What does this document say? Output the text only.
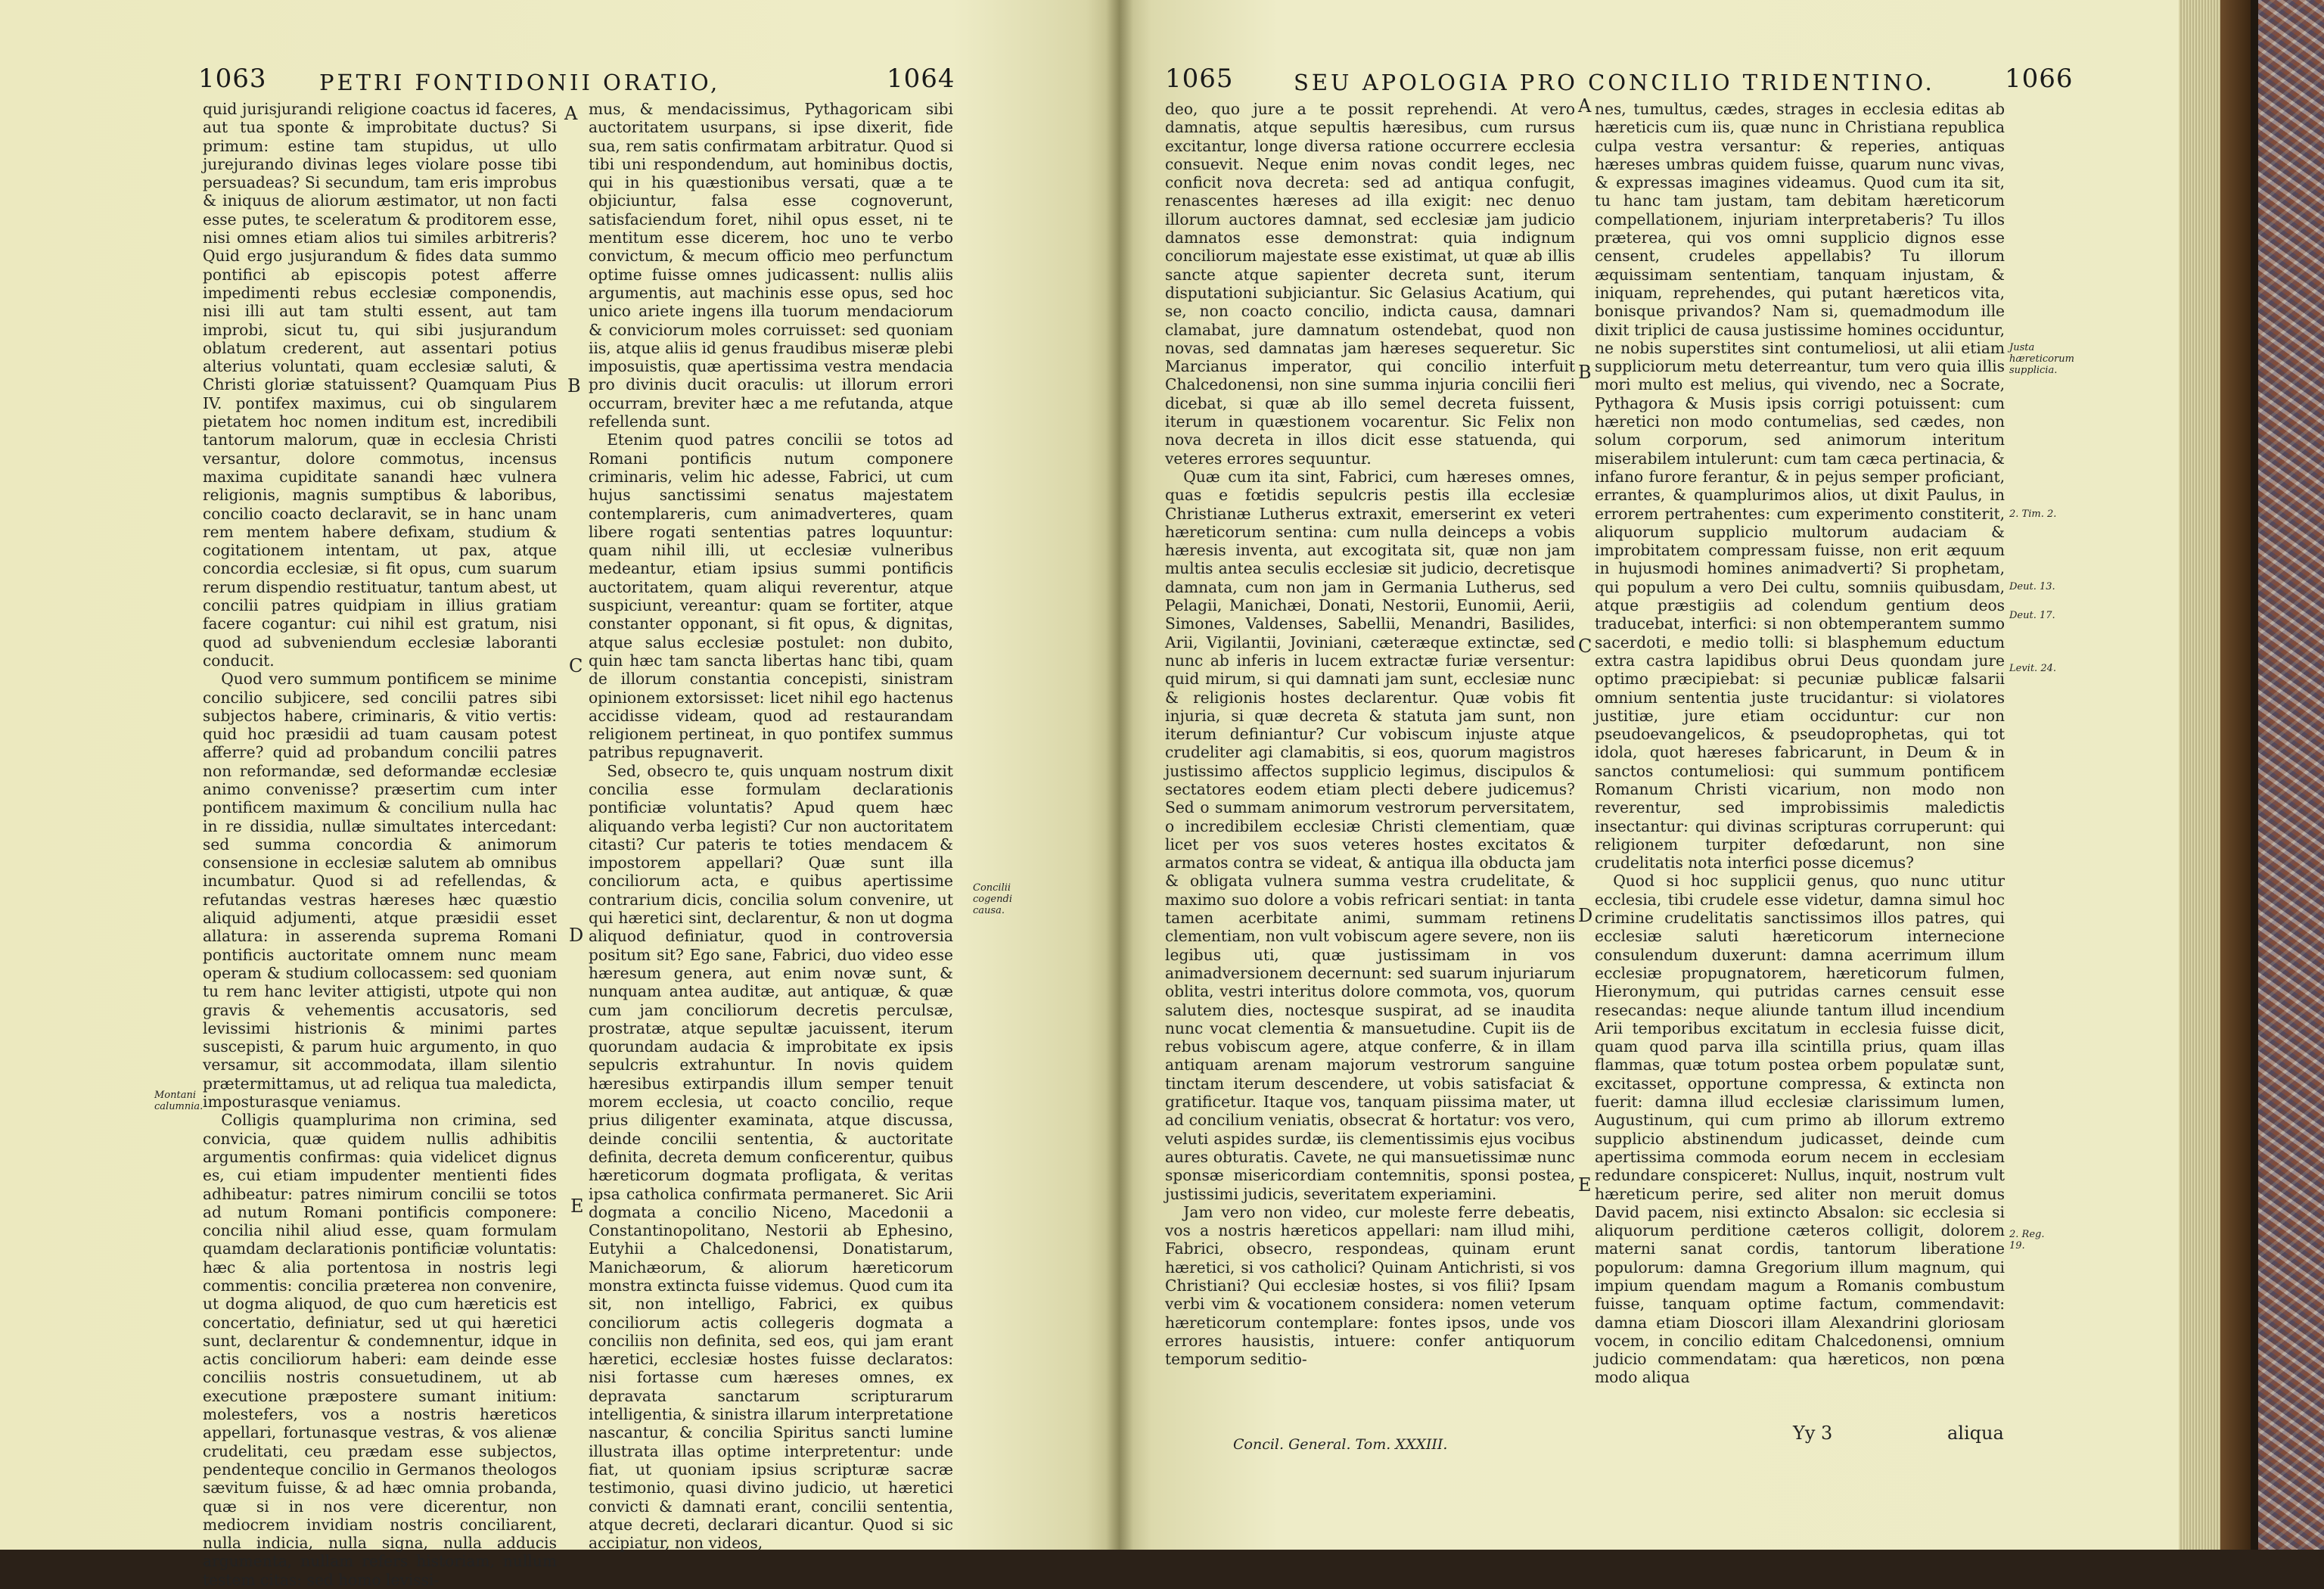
1063 PETRI FONTIDONII ORATIO,	1064

quid jurisjurandi religione coactus id faceres, aut tua sponte & improbitate ductus? Si primum: estine tam stupidus, ut ullo jurejurando divinas leges violare posse tibi persuadeas? Si secundum, tam eris improbus & iniquus de aliorum æstimator, ut non facti esse putes, te sceleratum & proditorem esse, nisi omnes etiam alios tui similes arbitreris? Quid ergo jusjurandum & fides data summo pontifici ab episcopis potest afferre impedimenti rebus ecclesiæ componendis, nisi illi aut tam stulti essent, aut tam improbi, sicut tu, qui sibi jusjurandum oblatum crederent, aut assentari potius alterius voluntati, quam ecclesiæ saluti, & Christi gloriæ statuissent? Quamquam Pius IV. pontifex maximus, cui ob singularem pietatem hoc nomen inditum est, incredibili tantorum malorum, quæ in ecclesia Christi versantur, dolore commotus, incensus maxima cupiditate sanandi hæc vulnera religionis, magnis sumptibus & laboribus, concilio coacto declaravit, se in hanc unam rem mentem habere defixam, studium & cogitationem intentam, ut pax, atque concordia ecclesiæ, si fit opus, cum suarum rerum dispendio restituatur, tantum abest, ut concilii patres quidpiam in illius gratiam facere cogantur: cui nihil est gratum, nisi quod ad subveniendum ecclesiæ laboranti conducit.

Quod vero summum pontificem se minime concilio subjicere, sed concilii patres sibi subjectos habere, criminaris, & vitio vertis: quid hoc præsidii ad tuam causam potest afferre? quid ad probandum concilii patres non reformandæ, sed deformandæ ecclesiæ animo convenisse? præsertim cum inter pontificem maximum & concilium nulla hac in re dissidia, nullæ simultates intercedant: sed summa concordia & animorum consensione in ecclesiæ salutem ab omnibus incumbatur. Quod si ad refellendas, & refutandas vestras hæreses hæc quæstio aliquid adjumenti, atque præsidii esset allatura: in asserenda suprema Romani pontificis auctoritate omnem nunc meam operam & studium collocassem: sed quoniam tu rem hanc leviter attigisti, utpote qui non gravis & vehementis accusatoris, sed levissimi histrionis & minimi partes suscepisti, & parum huic argumento, in quo versamur, sit accommodata, illam silentio prætermittamus, ut ad reliqua tua maledicta, imposturasque veniamus.

Colligis quamplurima non crimina, sed convicia, quæ quidem nullis adhibitis argumentis confirmas: quia videlicet dignus es, cui etiam impudenter mentienti fides adhibeatur: patres nimirum concilii se totos ad nutum Romani pontificis componere: concilia nihil aliud esse, quam formulam quamdam declarationis pontificiæ voluntatis: hæc & alia portentosa in nostris legi commentis: concilia præterea non convenire, ut dogma aliquod, de quo cum hæreticis est concertatio, definiatur, sed ut qui hæretici sunt, declarentur & condemnentur, idque in actis conciliorum haberi: eam deinde esse conciliis nostris consuetudinem, ut ab executione præpostere sumant initium: molestefers, vos a nostris hæreticos appellari, fortunasque vestras, & vos alienæ crudelitati, ceu prædam esse subjectos, pendenteque concilio in Germanos theologos sævitum fuisse, & ad hæc omnia probanda, quæ si in nos vere dicerentur, non mediocrem invidiam nostris conciliarent, nulla indicia, nulla signa, nulla adducis argumenta, nullam refers historiam, nullum testem citas: sed homo levissi-

mus, & mendacissimus, Pythagoricam sibi auctoritatem usurpans, si ipse dixerit, fide sua, rem satis confirmatam arbitratur. Quod si tibi uni respondendum, aut hominibus doctis, qui in his quæstionibus versati, quæ a te objiciuntur, falsa esse cognoverunt, satisfaciendum foret, nihil opus esset, ni te mentitum esse dicerem, hoc uno te verbo convictum, & mecum officio meo perfunctum optime fuisse omnes judicassent: nullis aliis argumentis, aut machinis esse opus, sed hoc unico ariete ingens illa tuorum mendaciorum & conviciorum moles corruisset: sed quoniam iis, atque aliis id genus fraudibus miseræ plebi imposuistis, quæ apertissima vestra mendacia pro divinis ducit oraculis: ut illorum errori occurram, breviter hæc a me refutanda, atque refellenda sunt.

Etenim quod patres concilii se totos ad Romani pontificis nutum componere criminaris, velim hic adesse, Fabrici, ut cum hujus sanctissimi senatus majestatem contemplareris, cum animadverteres, quam libere rogati sententias patres loquuntur: quam nihil illi, ut ecclesiæ vulneribus medeantur, etiam ipsius summi pontificis auctoritatem, quam aliqui reverentur, atque suspiciunt, vereantur: quam se fortiter, atque constanter opponant, si fit opus, & dignitas, atque salus ecclesiæ postulet: non dubito, quin hæc tam sancta libertas hanc tibi, quam de illorum constantia concepisti, sinistram opinionem extorsisset: licet nihil ego hactenus accidisse videam, quod ad restaurandam religionem pertineat, in quo pontifex summus patribus repugnaverit.

Sed, obsecro te, quis unquam nostrum dixit concilia esse formulam declarationis pontificiæ voluntatis? Apud quem hæc aliquando verba legisti? Cur non auctoritatem citasti? Cur pateris te toties mendacem & impostorem appellari? Quæ sunt illa conciliorum acta, e quibus apertissime contrarium dicis, concilia solum convenire, ut qui hæretici sint, declarentur, & non ut dogma aliquod definiatur, quod in controversia positum sit? Ego sane, Fabrici, duo video esse hæresum genera, aut enim novæ sunt, & nunquam antea auditæ, aut antiquæ, & quæ cum jam conciliorum decretis perculsæ, prostratæ, atque sepultæ jacuissent, iterum quorundam audacia & improbitate ex ipsis sepulcris extrahuntur. In novis quidem hæresibus extirpandis illum semper tenuit morem ecclesia, ut coacto concilio, reque prius diligenter examinata, atque discussa, deinde concilii sententia, & auctoritate definita, decreta demum conficerentur, quibus hæreticorum dogmata profligata, & veritas ipsa catholica confirmata permaneret. Sic Arii dogmata a concilio Niceno, Macedonii a Constantinopolitano, Nestorii ab Ephesino, Eutyhii a Chalcedonensi, Donatistarum, Manichæorum, & aliorum hæreticorum monstra extincta fuisse videmus. Quod cum ita sit, non intelligo, Fabrici, ex quibus conciliorum actis collegeris dogmata a conciliis non definita, sed eos, qui jam erant hæretici, ecclesiæ hostes fuisse declaratos: nisi fortasse cum hæreses omnes, ex depravata sanctarum scripturarum intelligentia, & sinistra illarum interpretatione nascantur, & concilia Spiritus sancti lumine illustrata illas optime interpretentur: unde fiat, ut quoniam ipsius scripturæ sacræ testimonio, quasi divino judicio, ut hæretici convicti & damnati erant, concilii sententia, atque decreti, declarari dicantur. Quod si sic accipiatur, non videos,

A
B
C
D
E
Montani calumnia.
Concilii cogendi causa.
1065	SEU APOLOGIA PRO CONCILIO TRIDENTINO.	1066

deo, quo jure a te possit reprehendi. At vero damnatis, atque sepultis hæresibus, cum rursus excitantur, longe diversa ratione occurrere ecclesia consuevit. Neque enim novas condit leges, nec conficit nova decreta: sed ad antiqua confugit, renascentes hæreses ad illa exigit: nec denuo illorum auctores damnat, sed ecclesiæ jam judicio damnatos esse demonstrat: quia indignum conciliorum majestate esse existimat, ut quæ ab illis sancte atque sapienter decreta sunt, iterum disputationi subjiciantur. Sic Gelasius Acatium, qui se, non coacto concilio, indicta causa, damnari clamabat, jure damnatum ostendebat, quod non novas, sed damnatas jam hæreses sequeretur. Sic Marcianus imperator, qui concilio interfuit Chalcedonensi, non sine summa injuria concilii fieri dicebat, si quæ ab illo semel decreta fuissent, iterum in quæstionem vocarentur. Sic Felix non nova decreta in illos dicit esse statuenda, qui veteres errores sequuntur.

Quæ cum ita sint, Fabrici, cum hæreses omnes, quas e fœtidis sepulcris pestis illa ecclesiæ Christianæ Lutherus extraxit, emerserint ex veteri hæreticorum sentina: cum nulla deinceps a vobis hæresis inventa, aut excogitata sit, quæ non jam multis antea seculis ecclesiæ sit judicio, decretisque damnata, cum non jam in Germania Lutherus, sed Pelagii, Manichæi, Donati, Nestorii, Eunomii, Aerii, Simones, Valdenses, Sabellii, Menandri, Basilides, Arii, Vigilantii, Joviniani, cæteræque extinctæ, sed nunc ab inferis in lucem extractæ furiæ versentur: quid mirum, si qui damnati jam sunt, ecclesiæ nunc & religionis hostes declarentur. Quæ vobis fit injuria, si quæ decreta & statuta jam sunt, non iterum definiantur? Cur vobiscum injuste atque crudeliter agi clamabitis, si eos, quorum magistros justissimo affectos supplicio legimus, discipulos & sectatores eodem etiam plecti debere judicemus? Sed o summam animorum vestrorum perversitatem, o incredibilem ecclesiæ Christi clementiam, quæ licet per vos suos veteres hostes excitatos & armatos contra se videat, & antiqua illa obducta jam & obligata vulnera summa vestra crudelitate, & maximo suo dolore a vobis refricari sentiat: in tanta tamen acerbitate animi, summam retinens clementiam, non vult vobiscum agere severe, non iis legibus uti, quæ justissimam in vos animadversionem decernunt: sed suarum injuriarum oblita, vestri interitus dolore commota, vos, quorum salutem dies, noctesque suspirat, ad se inaudita nunc vocat clementia & mansuetudine. Cupit iis de rebus vobiscum agere, atque conferre, & in illam antiquam arenam majorum vestrorum sanguine tinctam iterum descendere, ut vobis satisfaciat & gratificetur. Itaque vos, tanquam piissima mater, ut ad concilium veniatis, obsecrat & hortatur: vos vero, veluti aspides surdæ, iis clementissimis ejus vocibus aures obturatis. Cavete, ne qui mansuetissimæ nunc sponsæ misericordiam contemnitis, sponsi postea, justissimi judicis, severitatem experiamini.

Jam vero non video, cur moleste ferre debeatis, vos a nostris hæreticos appellari: nam illud mihi, Fabrici, obsecro, respondeas, quinam erunt hæretici, si vos catholici? Quinam Antichristi, si vos Christiani? Qui ecclesiæ hostes, si vos filii? Ipsam verbi vim & vocationem considera: nomen veterum hæreticorum contemplare: fontes ipsos, unde vos errores hausistis, intuere: confer antiquorum temporum seditio-

nes, tumultus, cædes, strages in ecclesia editas ab hæreticis cum iis, quæ nunc in Christiana republica culpa vestra versantur: & reperies, antiquas hæreses umbras quidem fuisse, quarum nunc vivas, & expressas imagines videamus. Quod cum ita sit, tu hanc tam justam, tam debitam hæreticorum compellationem, injuriam interpretaberis? Tu illos præterea, qui vos omni supplicio dignos esse censent, crudeles appellabis? Tu illorum æquissimam sententiam, tanquam injustam, & iniquam, reprehendes, qui putant hæreticos vita, bonisque privandos? Nam si, quemadmodum ille dixit triplici de causa justissime homines occiduntur, ne nobis superstites sint contumeliosi, ut alii etiam suppliciorum metu deterreantur, tum vero quia illis mori multo est melius, qui vivendo, nec a Socrate, Pythagora & Musis ipsis corrigi potuissent: cum hæretici non modo contumelias, sed cædes, non solum corporum, sed animorum interitum miserabilem intulerunt: cum tam cæca pertinacia, & infano furore ferantur, & in pejus semper proficiant, errantes, & quamplurimos alios, ut dixit Paulus, in errorem pertrahentes: cum experimento constiterit, aliquorum supplicio multorum audaciam & improbitatem compressam fuisse, non erit æquum in hujusmodi homines animadverti? Si prophetam, qui populum a vero Dei cultu, somniis quibusdam, atque præstigiis ad colendum gentium deos traducebat, interfici: si non obtemperantem summo sacerdoti, e medio tolli: si blasphemum eductum extra castra lapidibus obrui Deus quondam jure optimo præcipiebat: si pecuniæ publicæ falsarii omnium sententia juste trucidantur: si violatores justitiæ, jure etiam occiduntur: cur non pseudoevangelicos, & pseudoprophetas, qui tot idola, quot hæreses fabricarunt, in Deum & in sanctos contumeliosi: qui summum pontificem Romanum Christi vicarium, non modo non reverentur, sed improbissimis maledictis insectantur: qui divinas scripturas corruperunt: qui religionem turpiter defœdarunt, non sine crudelitatis nota interfici posse dicemus?

Quod si hoc supplicii genus, quo nunc utitur ecclesia, tibi crudele esse videtur, damna simul hoc crimine crudelitatis sanctissimos illos patres, qui ecclesiæ saluti hæreticorum internecione consulendum duxerunt: damna acerrimum illum ecclesiæ propugnatorem, hæreticorum fulmen, Hieronymum, qui putridas carnes censuit esse resecandas: neque aliunde tantum illud incendium Arii temporibus excitatum in ecclesia fuisse dicit, quam quod parva illa scintilla prius, quam illas flammas, quæ totum postea orbem populatæ sunt, excitasset, opportune compressa, & extincta non fuerit: damna illud ecclesiæ clarissimum lumen, Augustinum, qui cum primo ab illorum extremo supplicio abstinendum judicasset, deinde cum apertissima commoda eorum necem in ecclesiam redundare conspiceret: Nullus, inquit, nostrum vult hæreticum perire, sed aliter non meruit domus David pacem, nisi extincto Absalon: sic ecclesia si aliquorum perditione cæteros colligit, dolorem materni sanat cordis, tantorum liberatione populorum: damna Gregorium illum magnum, qui impium quendam magum a Romanis combustum fuisse, tanquam optime factum, commendavit: damna etiam Dioscori illam Alexandrini gloriosam vocem, in concilio editam Chalcedonensi, omnium judicio commendatam: qua hæreticos, non pœna modo aliqua

A
B
C
D
E
Justa hæreticorum supplicia.
2. Tim. 2.
Deut. 13.
Deut. 17.
Levit. 24.
2. Reg. 19.
Concil. General. Tom. XXXIII.
Yy 3	aliqua
